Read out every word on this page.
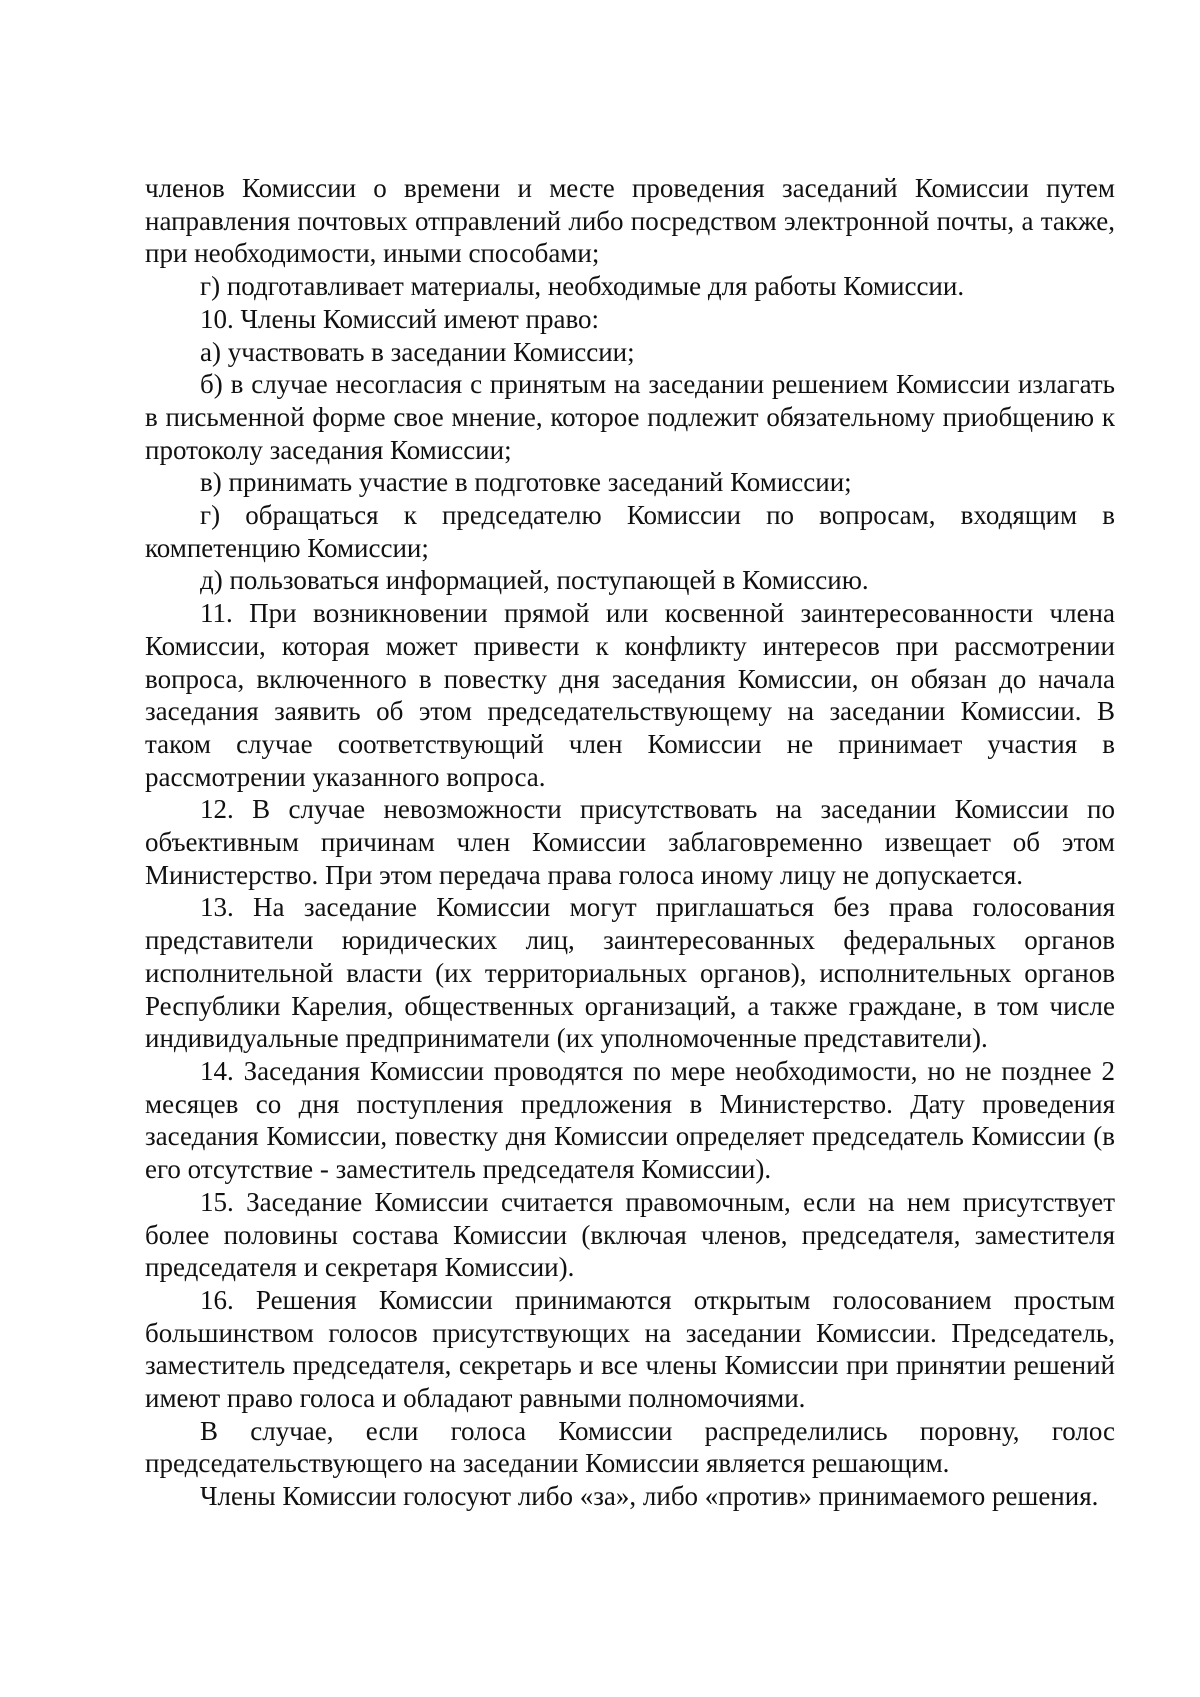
членов Комиссии о времени и месте проведения заседаний Комиссии путем направления почтовых отправлений либо посредством электронной почты, а также, при необходимости, иными способами;

г) подготавливает материалы, необходимые для работы Комиссии.

10. Члены Комиссий имеют право:

а) участвовать в заседании Комиссии;

б) в случае несогласия с принятым на заседании решением Комиссии излагать в письменной форме свое мнение, которое подлежит обязательному приобщению к протоколу заседания Комиссии;

в) принимать участие в подготовке заседаний Комиссии;

г) обращаться к председателю Комиссии по вопросам, входящим в компетенцию Комиссии;

д) пользоваться информацией, поступающей в Комиссию.

11. При возникновении прямой или косвенной заинтересованности члена Комиссии, которая может привести к конфликту интересов при рассмотрении вопроса, включенного в повестку дня заседания Комиссии, он обязан до начала заседания заявить об этом председательствующему на заседании Комиссии. В таком случае соответствующий член Комиссии не принимает участия в рассмотрении указанного вопроса.

12. В случае невозможности присутствовать на заседании Комиссии по объективным причинам член Комиссии заблаговременно извещает об этом Министерство. При этом передача права голоса иному лицу не допускается.

13. На заседание Комиссии могут приглашаться без права голосования представители юридических лиц, заинтересованных федеральных органов исполнительной власти (их территориальных органов), исполнительных органов Республики Карелия, общественных организаций, а также граждане, в том числе индивидуальные предприниматели (их уполномоченные представители).

14. Заседания Комиссии проводятся по мере необходимости, но не позднее 2 месяцев со дня поступления предложения в Министерство. Дату проведения заседания Комиссии, повестку дня Комиссии определяет председатель Комиссии (в его отсутствие - заместитель председателя Комиссии).

15. Заседание Комиссии считается правомочным, если на нем присутствует более половины состава Комиссии (включая членов, председателя, заместителя председателя и секретаря Комиссии).

16. Решения Комиссии принимаются открытым голосованием простым большинством голосов присутствующих на заседании Комиссии. Председатель, заместитель председателя, секретарь и все члены Комиссии при принятии решений имеют право голоса и обладают равными полномочиями.

В случае, если голоса Комиссии распределились поровну, голос председательствующего на заседании Комиссии является решающим.

Члены Комиссии голосуют либо «за», либо «против» принимаемого решения.
